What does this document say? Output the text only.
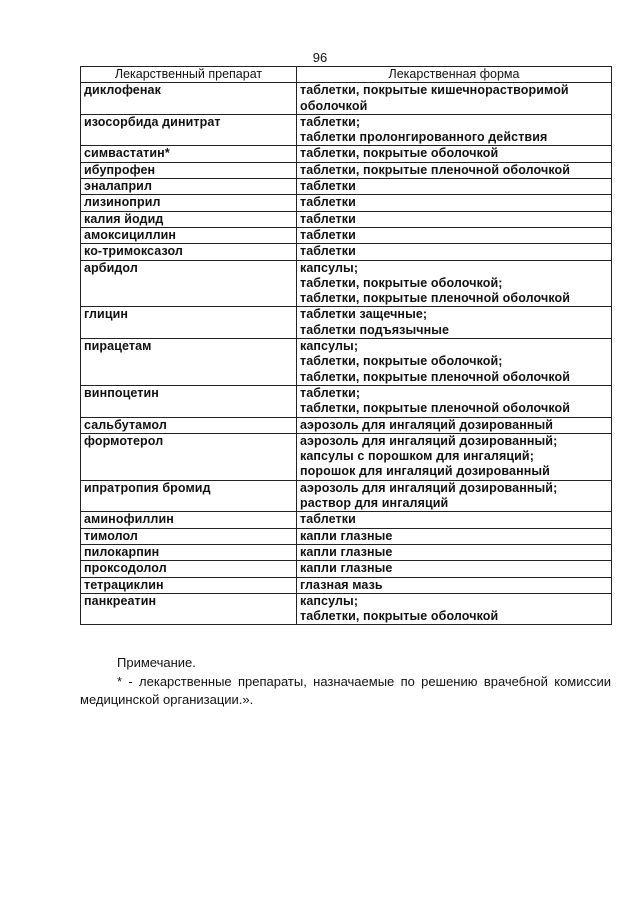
96
Лекарственный препарат	Лекарственная форма
диклофенак	таблетки, покрытые кишечнорастворимой
оболочкой
изосорбида динитрат	таблетки;
таблетки пролонгированного действия
симвастатин*	таблетки, покрытые оболочкой
ибупрофен	таблетки, покрытые пленочной оболочкой
эналаприл	таблетки
лизиноприл	таблетки
калия йодид	таблетки
амоксициллин	таблетки
ко-тримоксазол	таблетки
арбидол	капсулы;
таблетки, покрытые оболочкой;
таблетки, покрытые пленочной оболочкой
глицин	таблетки защечные;
таблетки подъязычные
пирацетам	капсулы;
таблетки, покрытые оболочкой;
таблетки, покрытые пленочной оболочкой
винпоцетин	таблетки;
таблетки, покрытые пленочной оболочкой
сальбутамол	аэрозоль для ингаляций дозированный
формотерол	аэрозоль для ингаляций дозированный;
капсулы с порошком для ингаляций;
порошок для ингаляций дозированный
ипратропия бромид	аэрозоль для ингаляций дозированный;
раствор для ингаляций
аминофиллин	таблетки
тимолол	капли глазные
пилокарпин	капли глазные
проксодолол	капли глазные
тетрациклин	глазная мазь
панкреатин	капсулы;
таблетки, покрытые оболочкой
Примечание.
* - лекарственные препараты, назначаемые по решению врачебной комиссии медицинской организации.».
